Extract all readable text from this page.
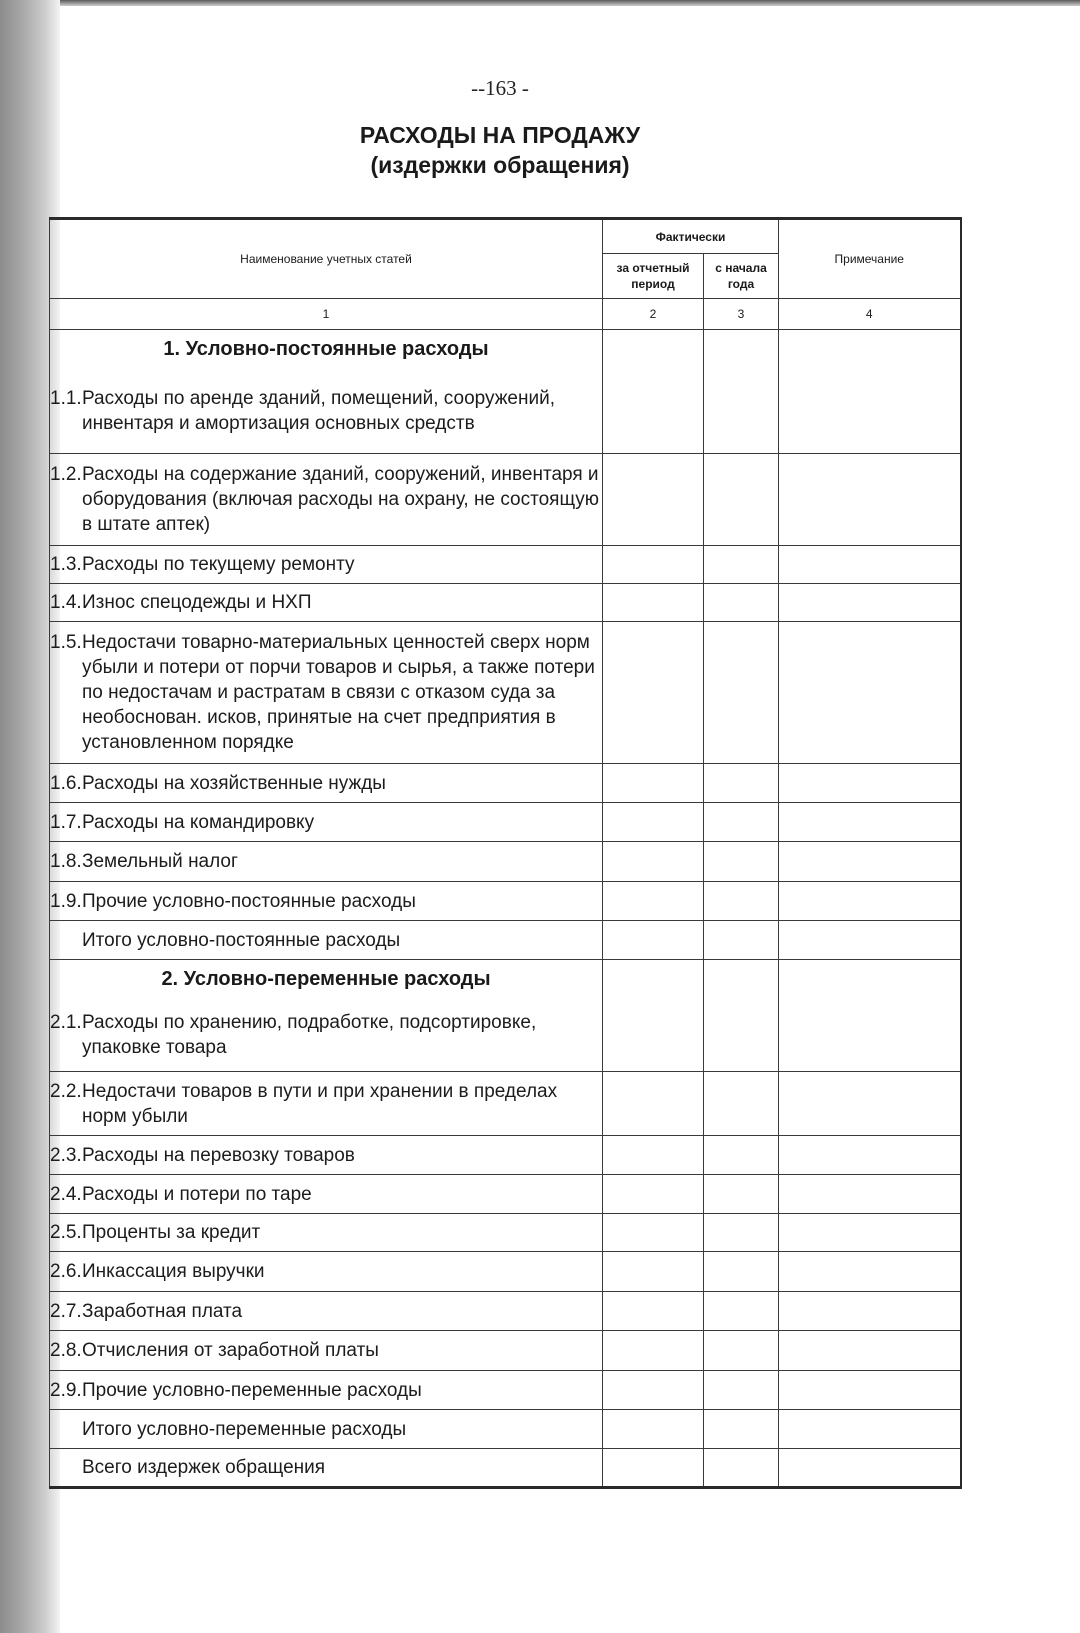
--163 -
РАСХОДЫ НА ПРОДАЖУ
(издержки обращения)
Наименование учетных статей	Фактически		Примечание
	за отчетный период	с начала года	
1	2	3	4
1. Условно-постоянные расходы			

1.1. Расходы по аренде зданий, помещений, сооружений, инвентаря и амортизация основных средств			

1.2. Расходы на содержание зданий, сооружений, инвентаря и оборудования (включая расходы на охрану, не состоящую в штате аптек)			

1.3. Расходы по текущему ремонту			

1.4. Износ спецодежды и НХП			

1.5. Недостачи товарно-материальных ценностей сверх норм убыли и потери от порчи товаров и сырья, а также потери по недостачам и растратам в связи с отказом суда за необоснован. исков, принятые на счет предприятия в установленном порядке			

1.6. Расходы на хозяйственные нужды			

1.7. Расходы на командировку			

1.8. Земельный налог			

1.9. Прочие условно-постоянные расходы			

Итого условно-постоянные расходы			
2. Условно-переменные расходы			

2.1. Расходы по хранению, подработке, подсортировке, упаковке товара			

2.2. Недостачи товаров в пути и при хранении в пределах норм убыли			

2.3. Расходы на перевозку товаров			

2.4. Расходы и потери по таре			

2.5. Проценты за кредит			

2.6. Инкассация выручки			

2.7. Заработная плата			

2.8. Отчисления от заработной платы			

2.9. Прочие условно-переменные расходы			

Итого условно-переменные расходы			
Всего издержек обращения			
